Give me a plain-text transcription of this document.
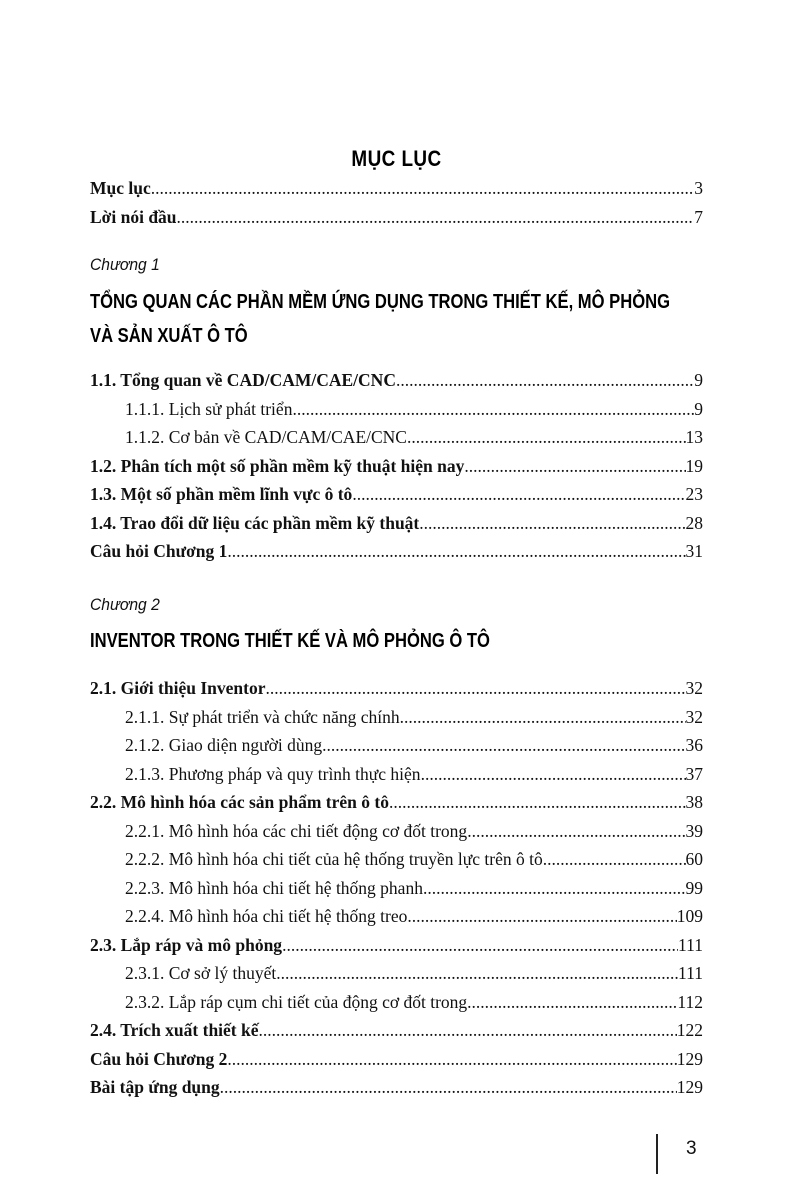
MỤC LỤC
Mục lục .....	3
Lời nói đầu .....	7
Chương 1
TỔNG QUAN CÁC PHẦN MỀM ỨNG DỤNG TRONG THIẾT KẾ, MÔ PHỎNG
VÀ SẢN XUẤT Ô TÔ
1.1. Tổng quan về CAD/CAM/CAE/CNC .....	9
1.1.1. Lịch sử phát triển .....	9
1.1.2. Cơ bản về CAD/CAM/CAE/CNC .....	13
1.2. Phân tích một số phần mềm kỹ thuật hiện nay .....	19
1.3. Một số phần mềm lĩnh vực ô tô .....	23
1.4. Trao đổi dữ liệu các phần mềm kỹ thuật .....	28
Câu hỏi Chương 1 .....	31
Chương 2
INVENTOR TRONG THIẾT KẾ VÀ MÔ PHỎNG Ô TÔ
2.1. Giới thiệu Inventor .....	32
2.1.1. Sự phát triển và chức năng chính .....	32
2.1.2. Giao diện người dùng .....	36
2.1.3. Phương pháp và quy trình thực hiện .....	37
2.2. Mô hình hóa các sản phẩm trên ô tô .....	38
2.2.1. Mô hình hóa các chi tiết động cơ đốt trong .....	39
2.2.2. Mô hình hóa chi tiết của hệ thống truyền lực trên ô tô .....	60
2.2.3. Mô hình hóa chi tiết hệ thống phanh .....	99
2.2.4. Mô hình hóa chi tiết hệ thống treo .....	109
2.3. Lắp ráp và mô phỏng .....	111
2.3.1. Cơ sở lý thuyết .....	111
2.3.2. Lắp ráp cụm chi tiết của động cơ đốt trong .....	112
2.4. Trích xuất thiết kế .....	122
Câu hỏi Chương 2 .....	129
Bài tập ứng dụng .....	129
3
